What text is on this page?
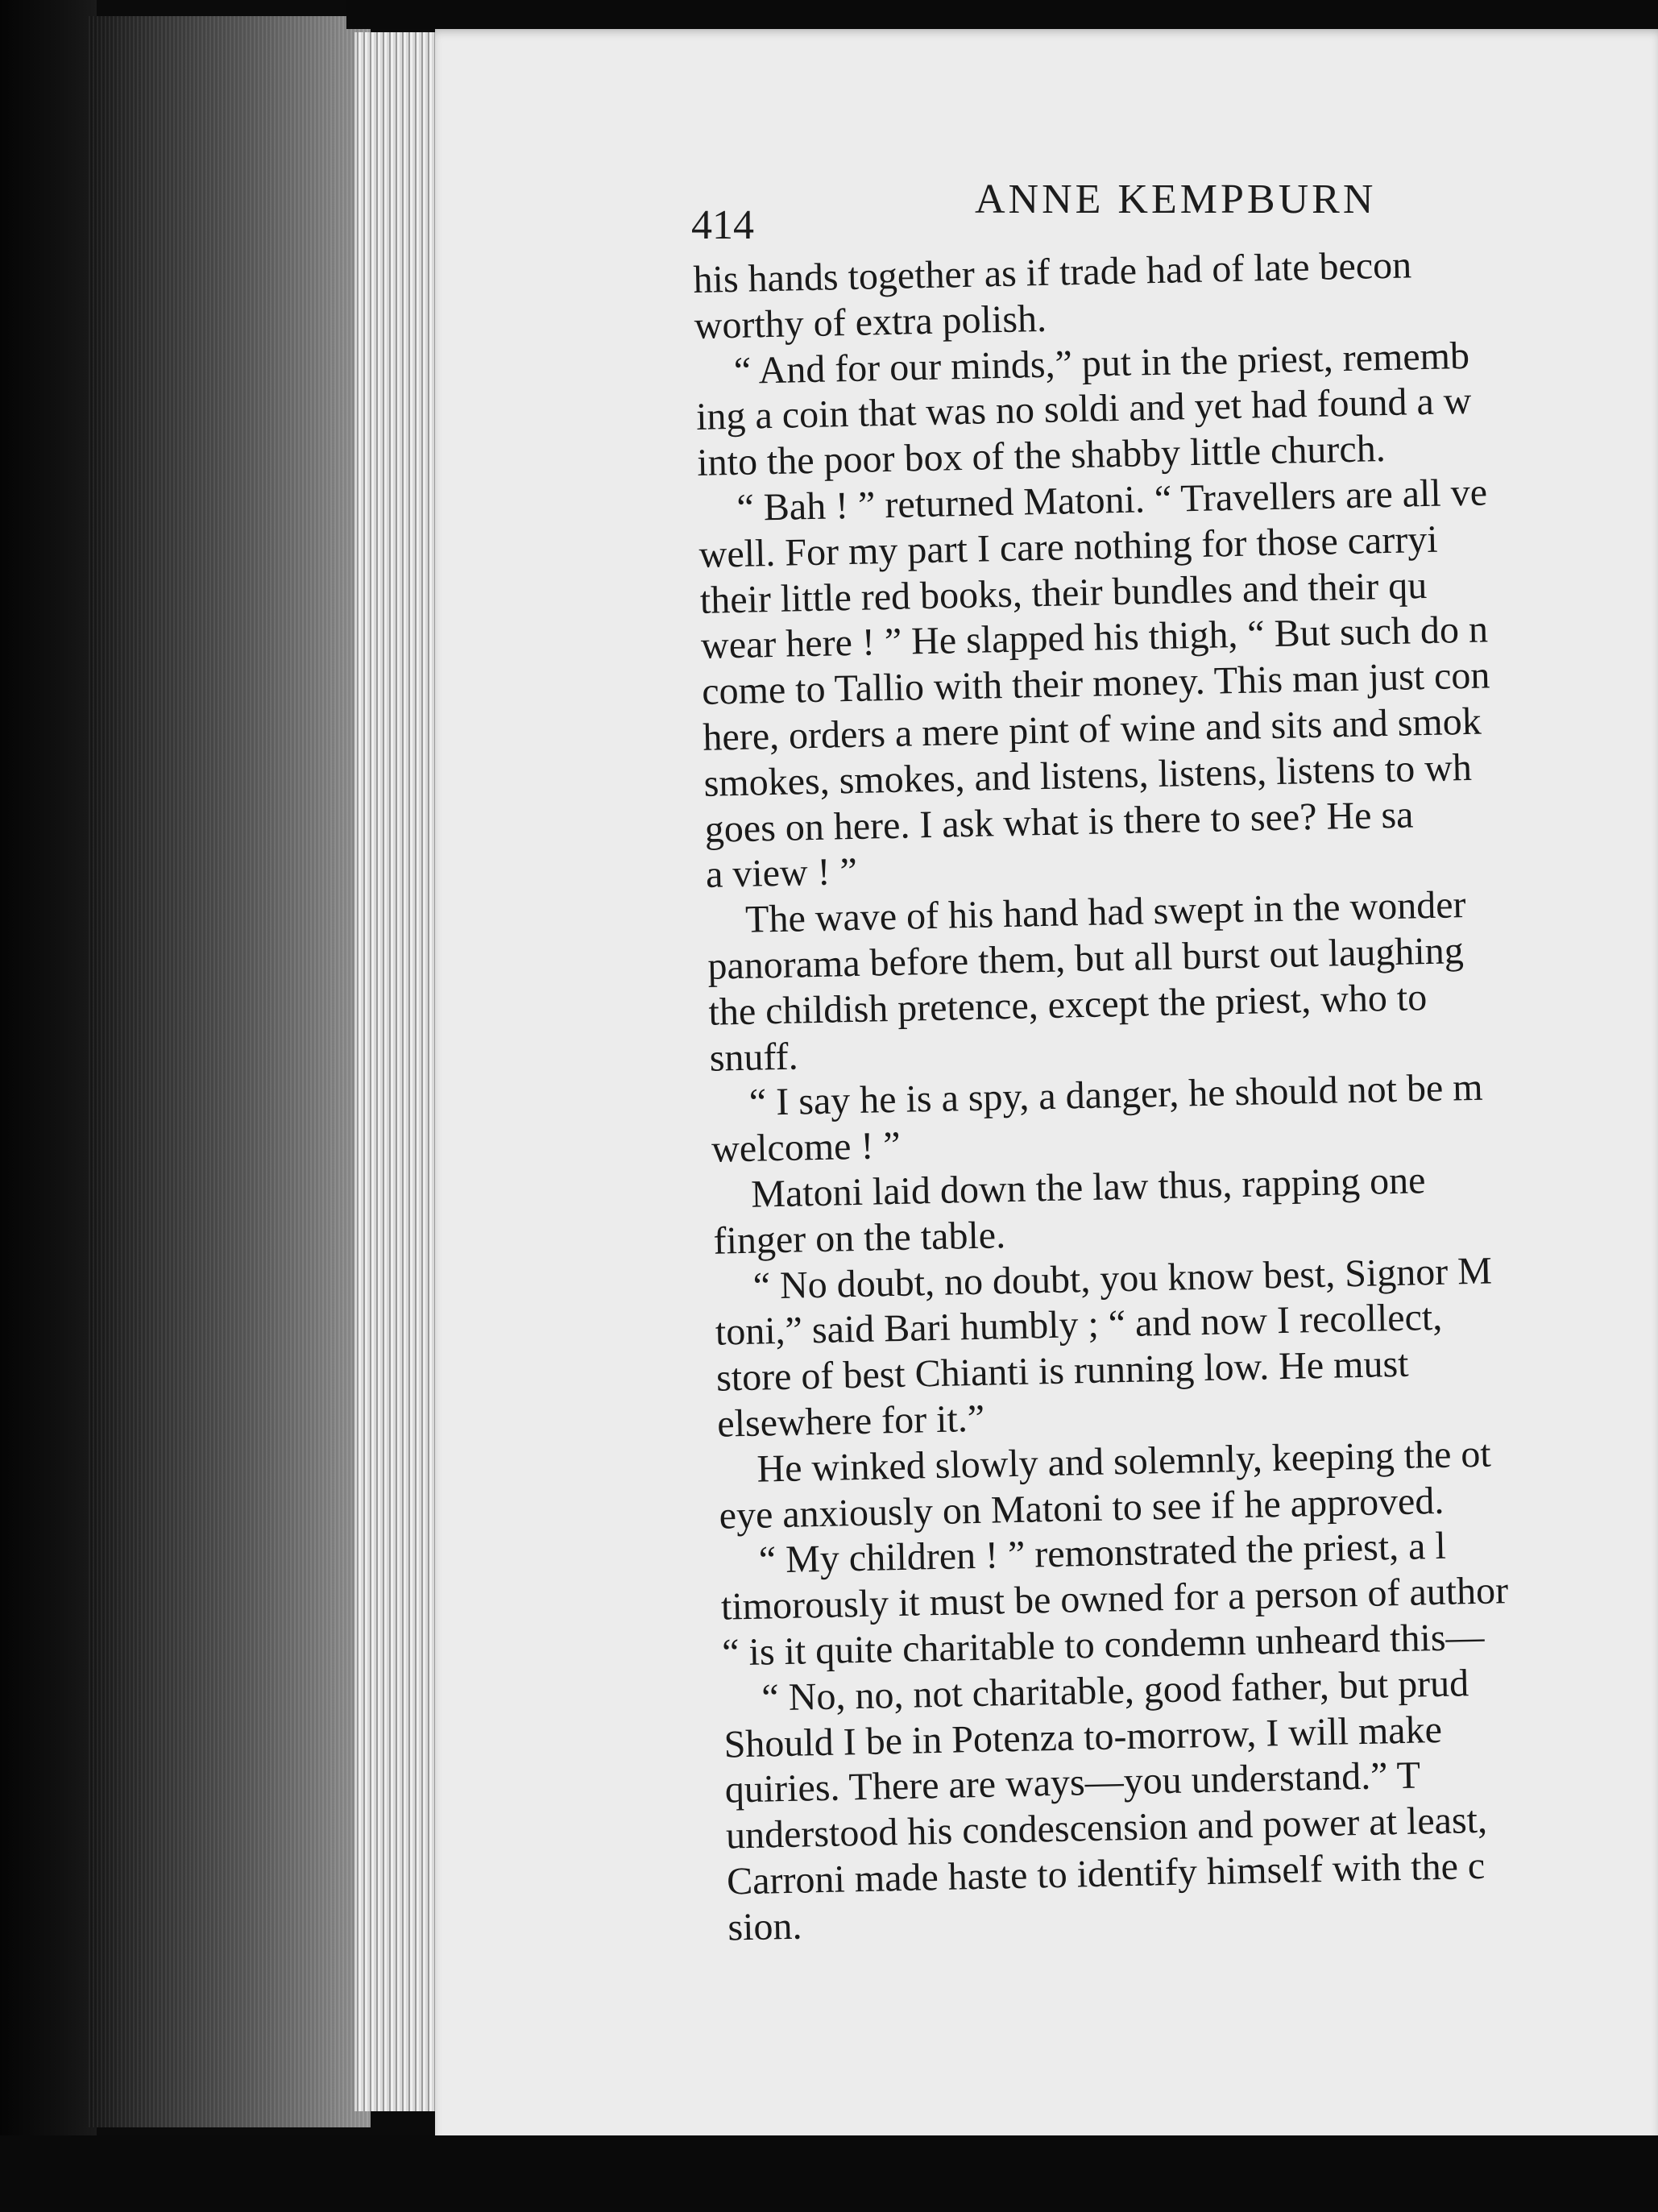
414
ANNE KEMPBURN
his hands together as if trade had of late becon
worthy of extra polish.
“ And for our minds,” put in the priest, rememb
ing a coin that was no soldi and yet had found a w
into the poor box of the shabby little church.
“ Bah ! ” returned Matoni. “ Travellers are all ve
well. For my part I care nothing for those carryi
their little red books, their bundles and their qu
wear here ! ” He slapped his thigh, “ But such do n
come to Tallio with their money. This man just con
here, orders a mere pint of wine and sits and smok
smokes, smokes, and listens, listens, listens to wh
goes on here. I ask what is there to see? He sa
a view ! ”
The wave of his hand had swept in the wonder
panorama before them, but all burst out laughing
the childish pretence, except the priest, who to
snuff.
“ I say he is a spy, a danger, he should not be m
welcome ! ”
Matoni laid down the law thus, rapping one
finger on the table.
“ No doubt, no doubt, you know best, Signor M
toni,” said Bari humbly ; “ and now I recollect,
store of best Chianti is running low. He must
elsewhere for it.”
He winked slowly and solemnly, keeping the ot
eye anxiously on Matoni to see if he approved.
“ My children ! ” remonstrated the priest, a l
timorously it must be owned for a person of author
“ is it quite charitable to condemn unheard this—
“ No, no, not charitable, good father, but prud
Should I be in Potenza to-morrow, I will make
quiries. There are ways—you understand.” T
understood his condescension and power at least,
Carroni made haste to identify himself with the c
sion.
